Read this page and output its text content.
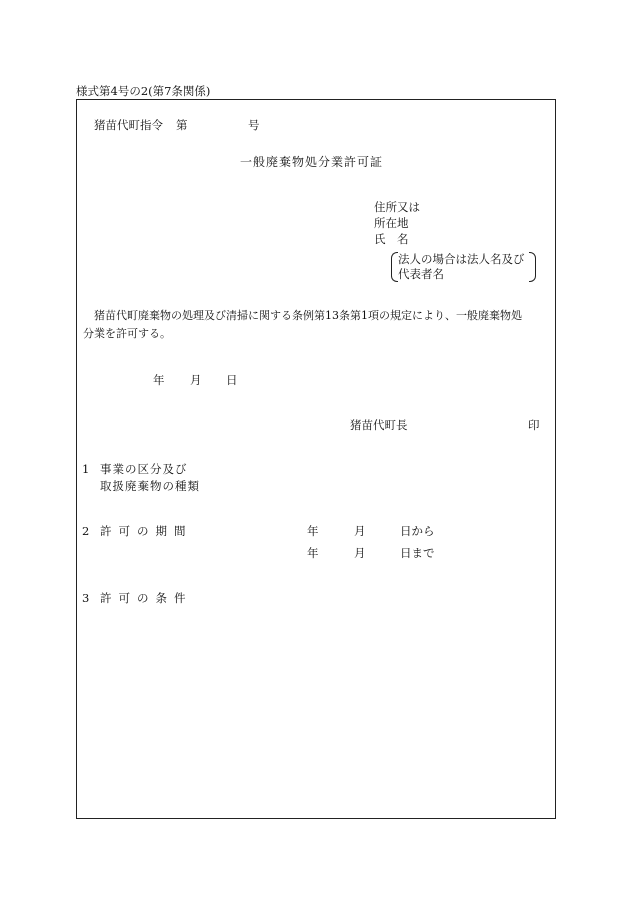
様式第4号の2(第7条関係)
猪苗代町指令 第	号
一般廃棄物処分業許可証
住所又は
所在地
氏　名
法人の場合は法人名及び
代表者名
猪苗代町廃棄物の処理及び清掃に関する条例第13条第1項の規定により、一般廃棄物処
分業を許可する。
年 月 日
猪苗代町長	印
1 事業の区分及び
取扱廃棄物の種類
2 許可の期間	年	月	日から
年	月	日まで
3 許可の条件
